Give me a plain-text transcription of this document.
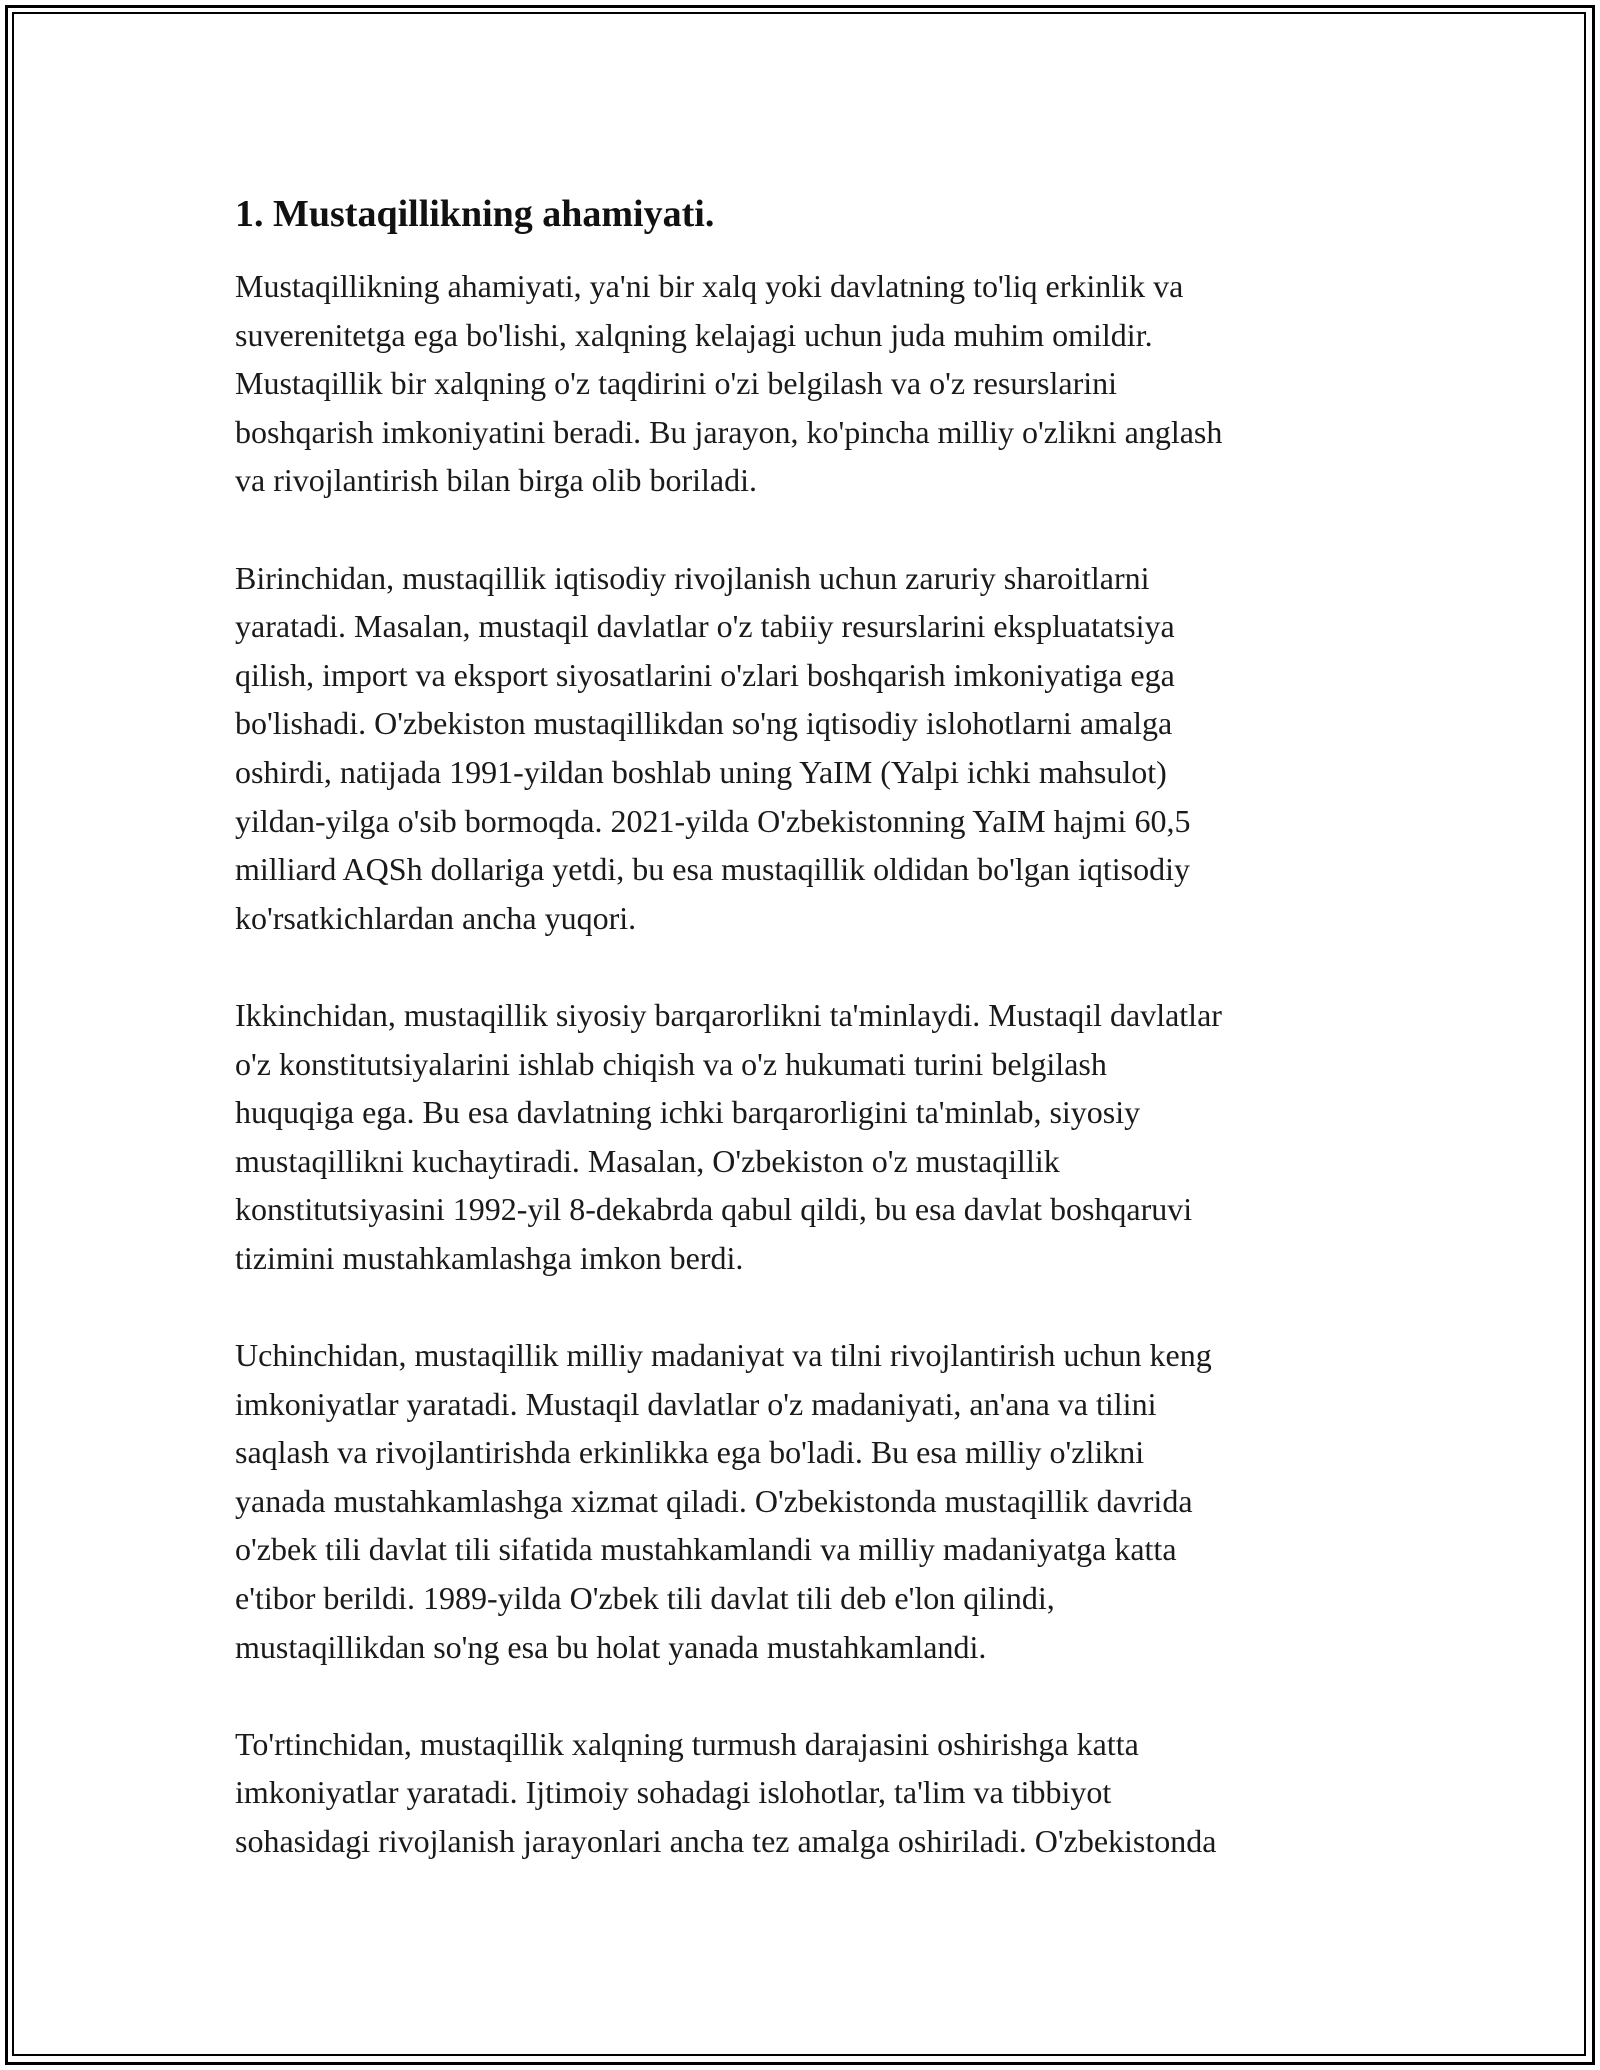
1. Mustaqillikning ahamiyati.

Mustaqillikning ahamiyati, ya'ni bir xalq yoki davlatning to'liq erkinlik va
suverenitetga ega bo'lishi, xalqning kelajagi uchun juda muhim omildir.
Mustaqillik bir xalqning o'z taqdirini o'zi belgilash va o'z resurslarini
boshqarish imkoniyatini beradi. Bu jarayon, ko'pincha milliy o'zlikni anglash
va rivojlantirish bilan birga olib boriladi.

Birinchidan, mustaqillik iqtisodiy rivojlanish uchun zaruriy sharoitlarni
yaratadi. Masalan, mustaqil davlatlar o'z tabiiy resurslarini ekspluatatsiya
qilish, import va eksport siyosatlarini o'zlari boshqarish imkoniyatiga ega
bo'lishadi. O'zbekiston mustaqillikdan so'ng iqtisodiy islohotlarni amalga
oshirdi, natijada 1991-yildan boshlab uning YaIM (Yalpi ichki mahsulot)
yildan-yilga o'sib bormoqda. 2021-yilda O'zbekistonning YaIM hajmi 60,5
milliard AQSh dollariga yetdi, bu esa mustaqillik oldidan bo'lgan iqtisodiy
ko'rsatkichlardan ancha yuqori.

Ikkinchidan, mustaqillik siyosiy barqarorlikni ta'minlaydi. Mustaqil davlatlar
o'z konstitutsiyalarini ishlab chiqish va o'z hukumati turini belgilash
huquqiga ega. Bu esa davlatning ichki barqarorligini ta'minlab, siyosiy
mustaqillikni kuchaytiradi. Masalan, O'zbekiston o'z mustaqillik
konstitutsiyasini 1992-yil 8-dekabrda qabul qildi, bu esa davlat boshqaruvi
tizimini mustahkamlashga imkon berdi.

Uchinchidan, mustaqillik milliy madaniyat va tilni rivojlantirish uchun keng
imkoniyatlar yaratadi. Mustaqil davlatlar o'z madaniyati, an'ana va tilini
saqlash va rivojlantirishda erkinlikka ega bo'ladi. Bu esa milliy o'zlikni
yanada mustahkamlashga xizmat qiladi. O'zbekistonda mustaqillik davrida
o'zbek tili davlat tili sifatida mustahkamlandi va milliy madaniyatga katta
e'tibor berildi. 1989-yilda O'zbek tili davlat tili deb e'lon qilindi,
mustaqillikdan so'ng esa bu holat yanada mustahkamlandi.

To'rtinchidan, mustaqillik xalqning turmush darajasini oshirishga katta
imkoniyatlar yaratadi. Ijtimoiy sohadagi islohotlar, ta'lim va tibbiyot
sohasidagi rivojlanish jarayonlari ancha tez amalga oshiriladi. O'zbekistonda
